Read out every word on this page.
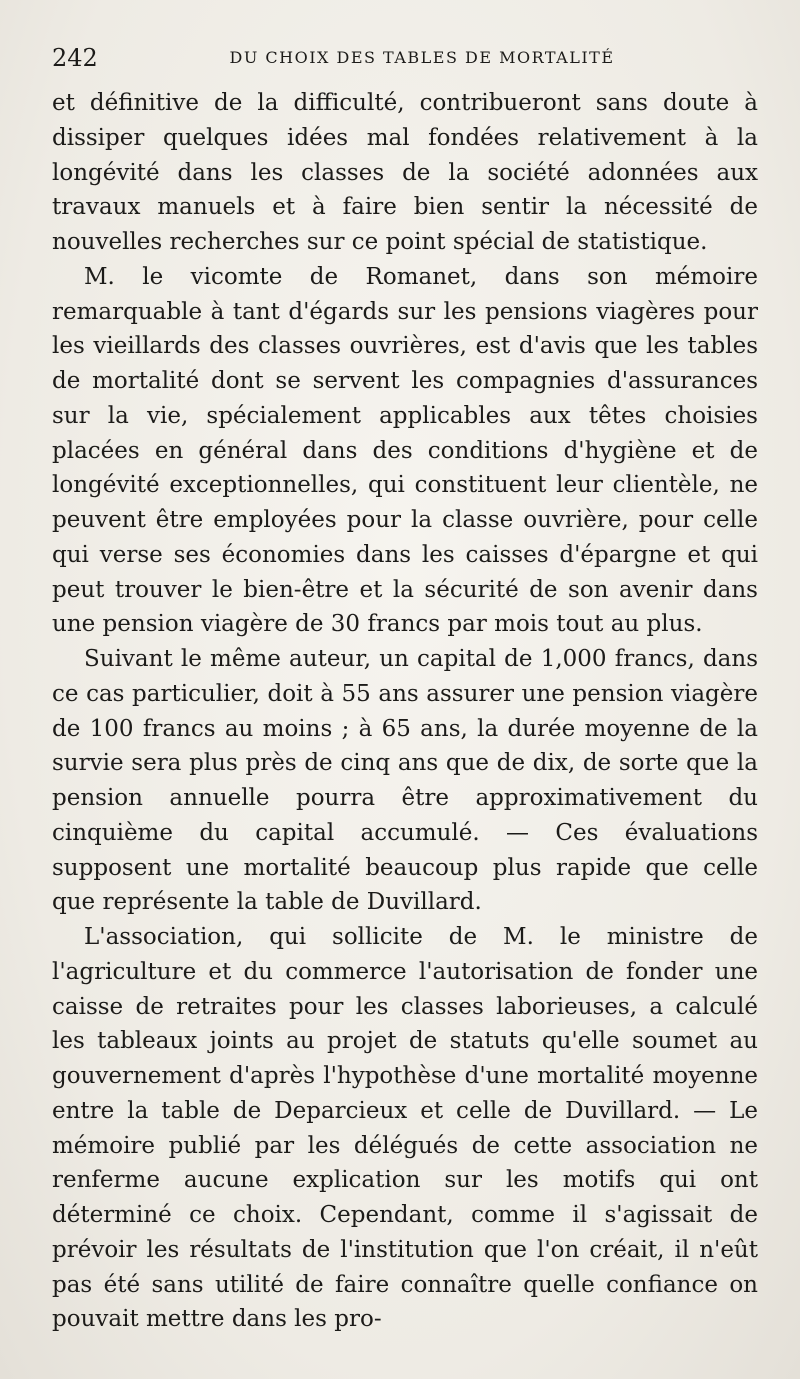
242	DU CHOIX DES TABLES DE MORTALITÉ

et définitive de la difficulté, contribueront sans doute à dissiper quelques idées mal fondées relativement à la longévité dans les classes de la société adonnées aux travaux manuels et à faire bien sentir la nécessité de nouvelles recherches sur ce point spécial de statistique.

M. le vicomte de Romanet, dans son mémoire remarquable à tant d'égards sur les pensions viagères pour les vieillards des classes ouvrières, est d'avis que les tables de mortalité dont se servent les compagnies d'assurances sur la vie, spécialement applicables aux têtes choisies placées en général dans des conditions d'hygiène et de longévité exceptionnelles, qui constituent leur clientèle, ne peuvent être employées pour la classe ouvrière, pour celle qui verse ses économies dans les caisses d'épargne et qui peut trouver le bien-être et la sécurité de son avenir dans une pension viagère de 30 francs par mois tout au plus.

Suivant le même auteur, un capital de 1,000 francs, dans ce cas particulier, doit à 55 ans assurer une pension viagère de 100 francs au moins ; à 65 ans, la durée moyenne de la survie sera plus près de cinq ans que de dix, de sorte que la pension annuelle pourra être approximativement du cinquième du capital accumulé. — Ces évaluations supposent une mortalité beaucoup plus rapide que celle que représente la table de Duvillard.

L'association, qui sollicite de M. le ministre de l'agriculture et du commerce l'autorisation de fonder une caisse de retraites pour les classes laborieuses, a calculé les tableaux joints au projet de statuts qu'elle soumet au gouvernement d'après l'hypothèse d'une mortalité moyenne entre la table de Deparcieux et celle de Duvillard. — Le mémoire publié par les délégués de cette association ne renferme aucune explication sur les motifs qui ont déterminé ce choix. Cependant, comme il s'agissait de prévoir les résultats de l'institution que l'on créait, il n'eût pas été sans utilité de faire connaître quelle confiance on pouvait mettre dans les pro-
